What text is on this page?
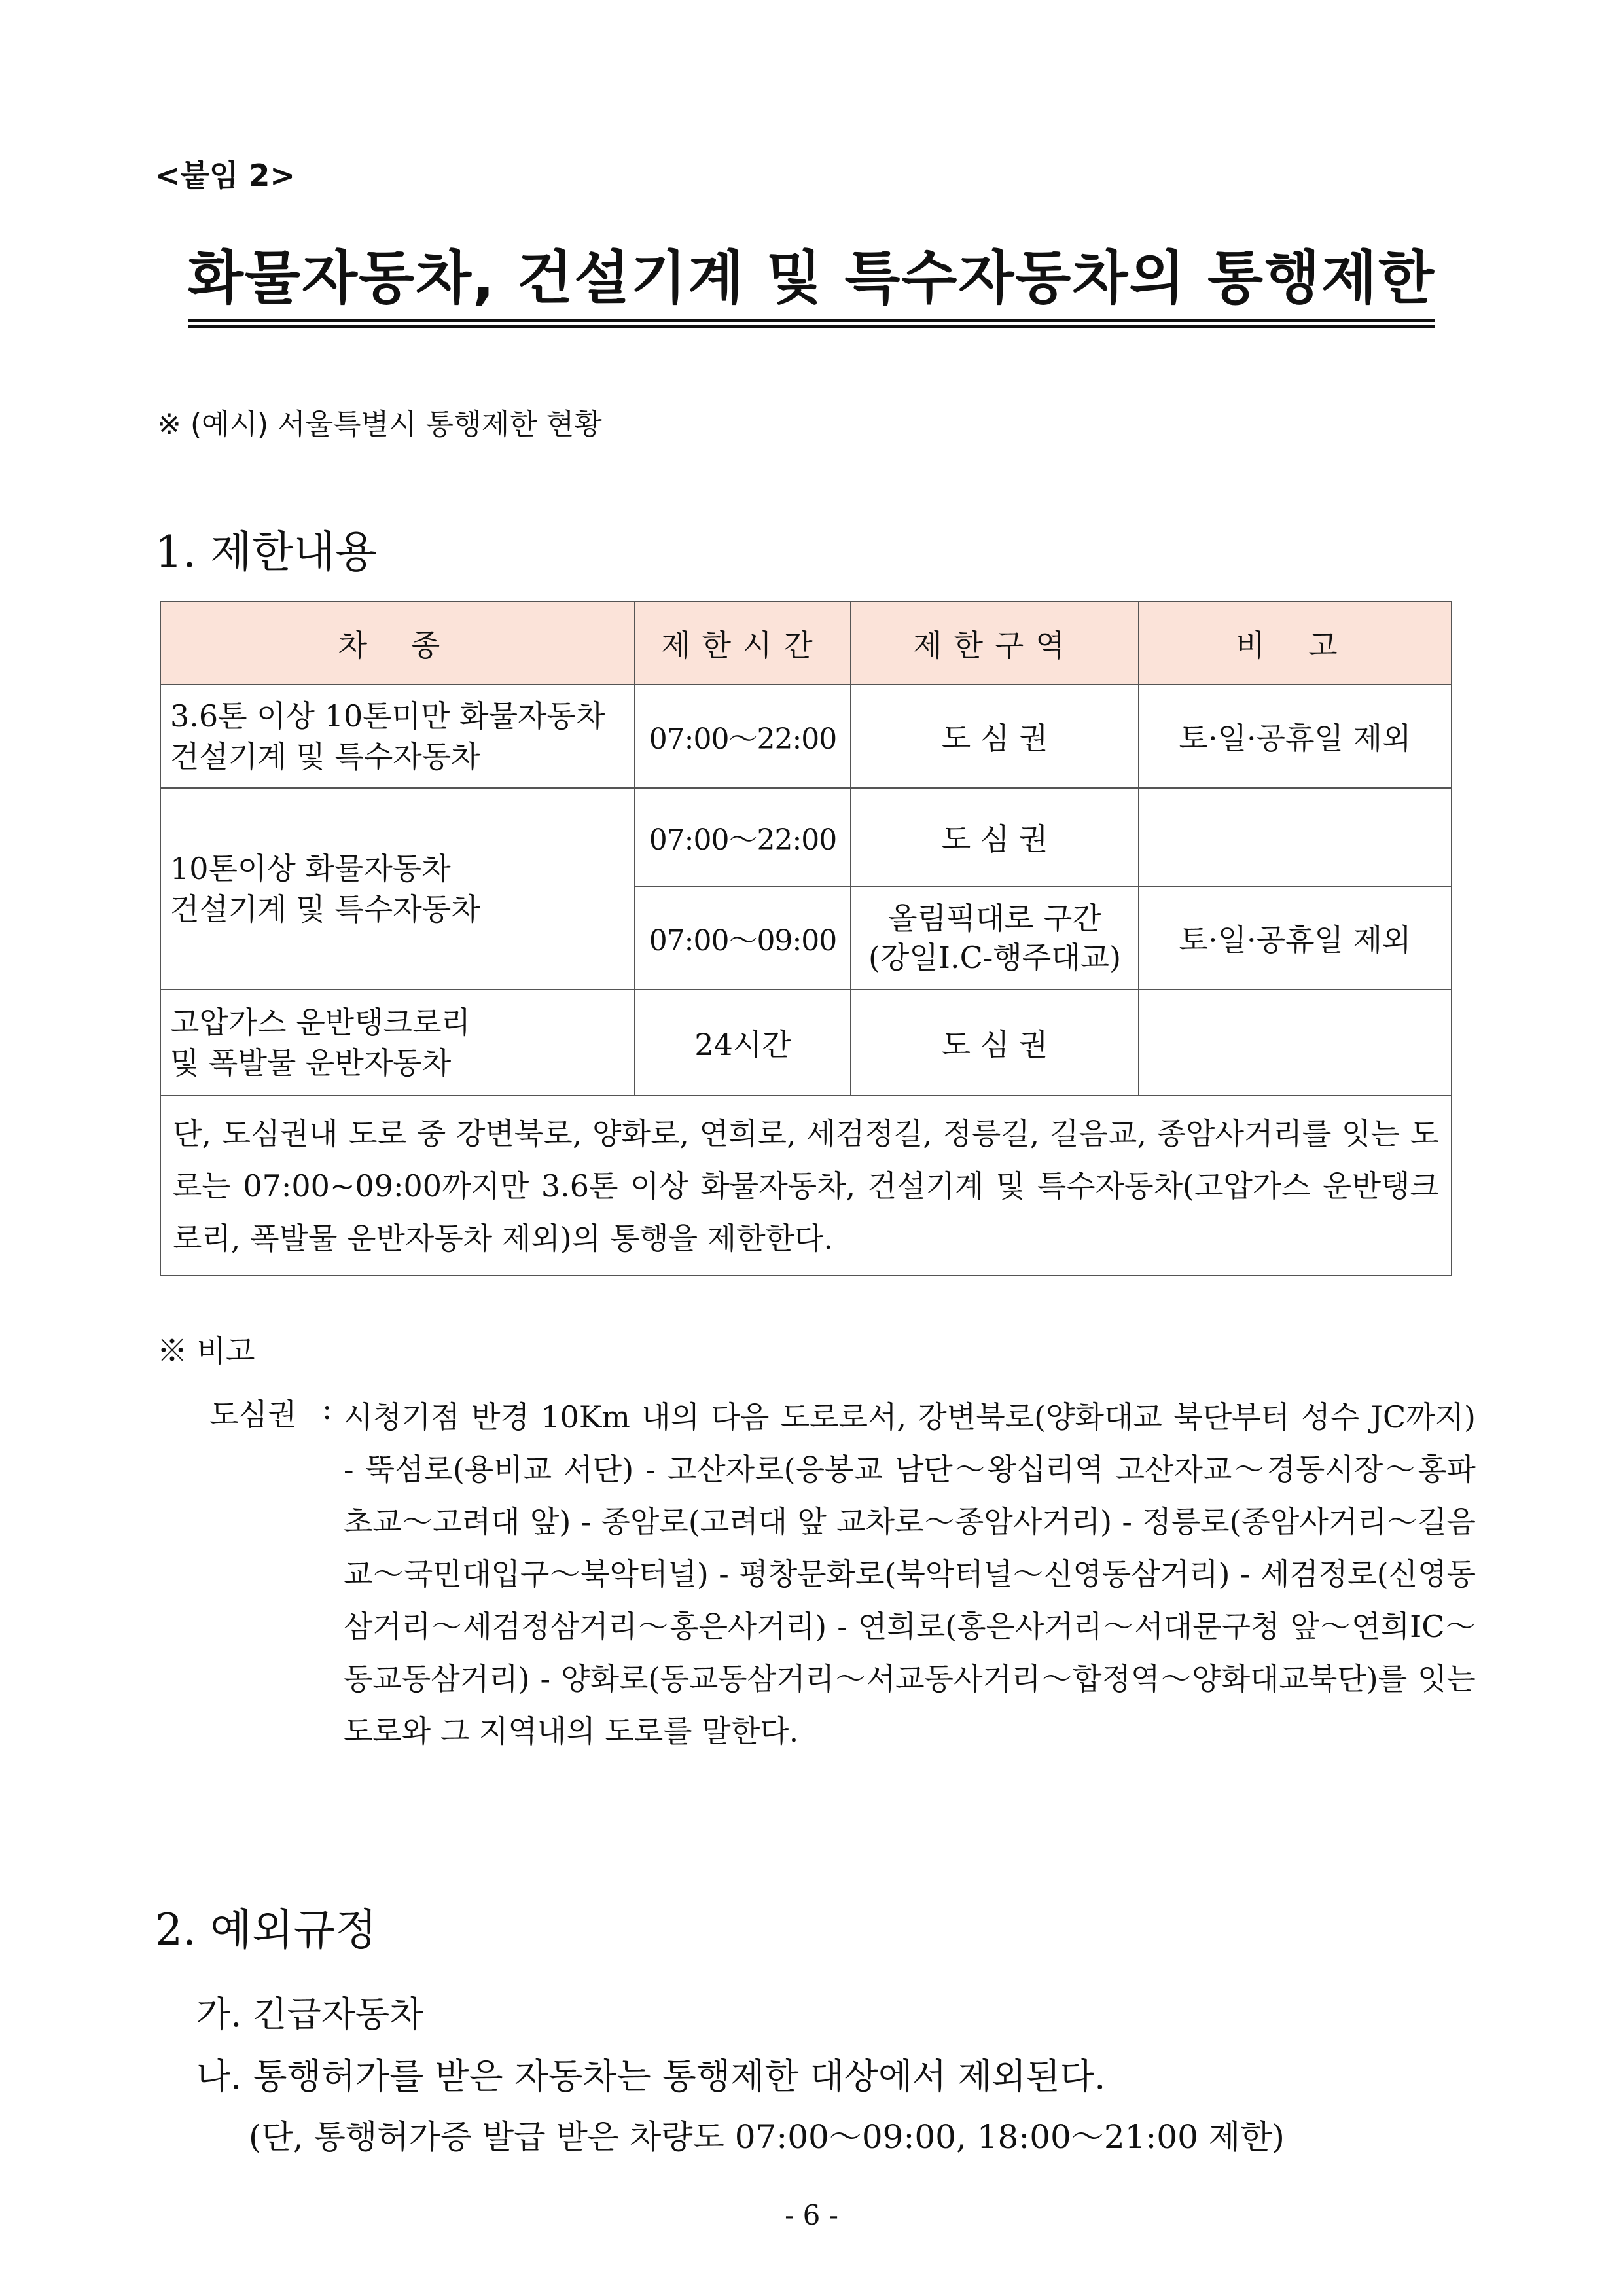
<붙임 2>
화물자동차, 건설기계 및 특수자동차의 통행제한
※ (예시) 서울특별시 통행제한 현황
1. 제한내용
차 종	제한시간	제한구역	비 고

3.6톤 이상 10톤미만 화물자동차
건설기계 및 특수자동차	07:00～22:00	도 심 권	토·일·공휴일 제외

10톤이상 화물자동차
건설기계 및 특수자동차	07:00～22:00	도 심 권	
	07:00～09:00	올림픽대로 구간
(강일I.C-행주대교)	토·일·공휴일 제외

고압가스 운반탱크로리
및 폭발물 운반자동차	24시간	도 심 권	
단, 도심권내 도로 중 강변북로, 양화로, 연희로, 세검정길, 정릉길, 길음교, 종암사거리를 잇는 도로는 07:00~09:00까지만 3.6톤 이상 화물자동차, 건설기계 및 특수자동차(고압가스 운반탱크로리, 폭발물 운반자동차 제외)의 통행을 제한한다.			
※ 비고
도심권 : 시청기점 반경 10Km 내의 다음 도로로서, 강변북로(양화대교 북단부터 성수 JC까지) - 뚝섬로(용비교 서단) - 고산자로(응봉교 남단～왕십리역 고산자교～경동시장～홍파초교～고려대 앞) - 종암로(고려대 앞 교차로～종암사거리) - 정릉로(종암사거리～길음교～국민대입구～북악터널) - 평창문화로(북악터널～신영동삼거리) - 세검정로(신영동삼거리～세검정삼거리～홍은사거리) - 연희로(홍은사거리～서대문구청 앞～연희IC～동교동삼거리) - 양화로(동교동삼거리～서교동사거리～합정역～양화대교북단)를 잇는 도로와 그 지역내의 도로를 말한다.
2. 예외규정
가. 긴급자동차
나. 통행허가를 받은 자동차는 통행제한 대상에서 제외된다.
(단, 통행허가증 발급 받은 차량도 07:00～09:00, 18:00～21:00 제한)
- 6 -
